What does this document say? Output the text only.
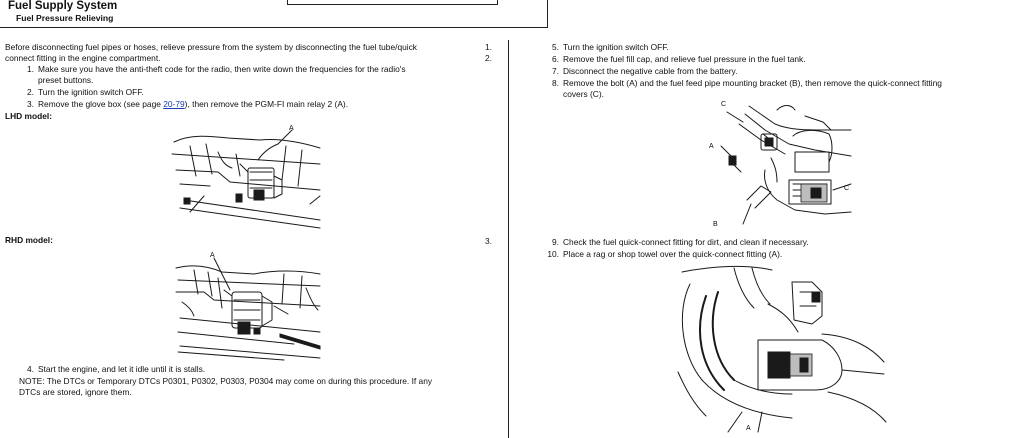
Fuel Supply System
Fuel Pressure Relieving
Before disconnecting fuel pipes or hoses, relieve pressure from the system by disconnecting the fuel tube/quick	1.
connect fitting in the engine compartment.	2.
1. Make sure you have the anti-theft code for the radio, then write down the frequencies for the radio's
preset buttons.
2. Turn the ignition switch OFF.
3. Remove the glove box (see page 20-79), then remove the PGM-FI main relay 2 (A).
LHD model:
RHD model:	3.
4. Start the engine, and let it idle until it is stalls.
NOTE: The DTCs or Temporary DTCs P0301, P0302, P0303, P0304 may come on during this procedure. If any
DTCs are stored, ignore them.
5. Turn the ignition switch OFF.
6. Remove the fuel fill cap, and relieve fuel pressure in the fuel tank.
7. Disconnect the negative cable from the battery.
8. Remove the bolt (A) and the fuel feed pipe mounting bracket (B), then remove the quick-connect fitting
covers (C).
9. Check the fuel quick-connect fitting for dirt, and clean if necessary.
10. Place a rag or shop towel over the quick-connect fitting (A).
A
A
C
A
C
B
A
